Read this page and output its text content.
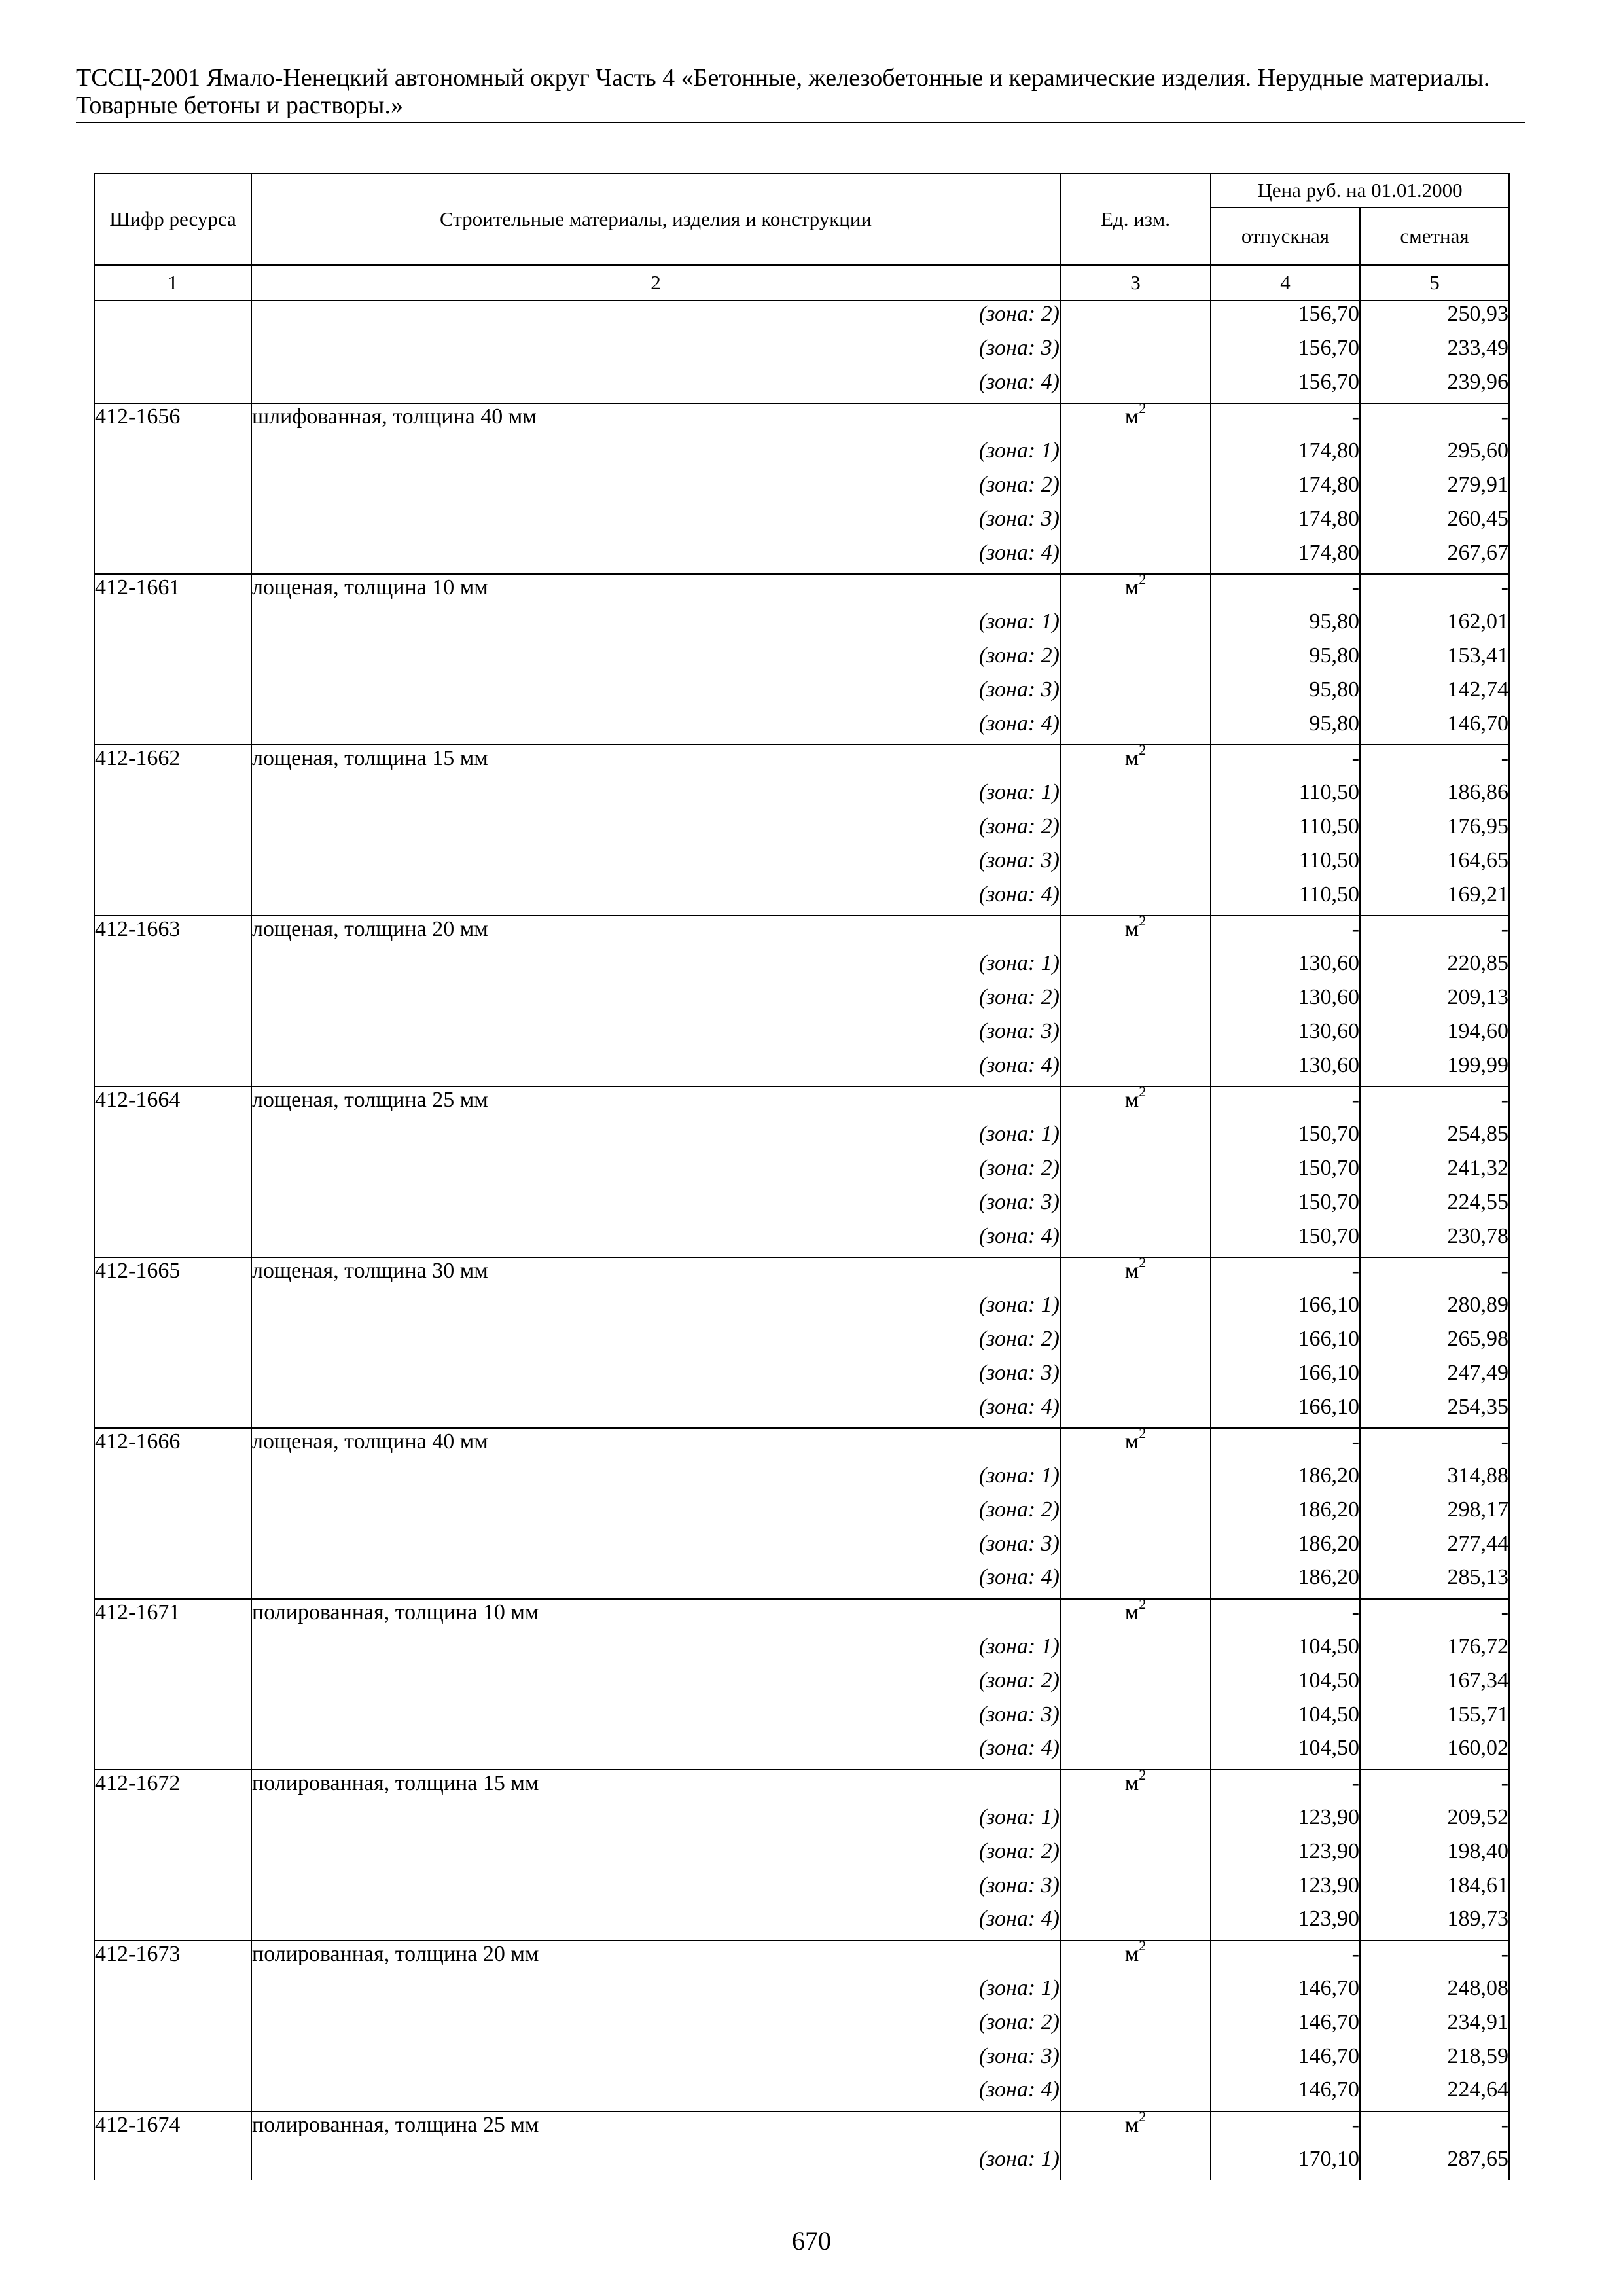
ТССЦ-2001 Ямало-Ненецкий автономный округ Часть 4 «Бетонные, железобетонные и керамические изделия. Нерудные материалы.
Товарные бетоны и растворы.»
Шифр ресурса	Строительные материалы, изделия и конструкции	Ед. изм.	Цена руб. на 01.01.2000	
			отпускная	сметная
1	2	3	4	5
	(зона: 2)		156,70	250,93
	(зона: 3)		156,70	233,49
	(зона: 4)		156,70	239,96
412-1656	шлифованная, толщина 40 мм	$м^2$	-	-
	(зона: 1)		174,80	295,60
	(зона: 2)		174,80	279,91
	(зона: 3)		174,80	260,45
	(зона: 4)		174,80	267,67
412-1661	лощеная, толщина 10 мм	$м^2$	-	-
	(зона: 1)		95,80	162,01
	(зона: 2)		95,80	153,41
	(зона: 3)		95,80	142,74
	(зона: 4)		95,80	146,70
412-1662	лощеная, толщина 15 мм	$м^2$	-	-
	(зона: 1)		110,50	186,86
	(зона: 2)		110,50	176,95
	(зона: 3)		110,50	164,65
	(зона: 4)		110,50	169,21
412-1663	лощеная, толщина 20 мм	$м^2$	-	-
	(зона: 1)		130,60	220,85
	(зона: 2)		130,60	209,13
	(зона: 3)		130,60	194,60
	(зона: 4)		130,60	199,99
412-1664	лощеная, толщина 25 мм	$м^2$	-	-
	(зона: 1)		150,70	254,85
	(зона: 2)		150,70	241,32
	(зона: 3)		150,70	224,55
	(зона: 4)		150,70	230,78
412-1665	лощеная, толщина 30 мм	$м^2$	-	-
	(зона: 1)		166,10	280,89
	(зона: 2)		166,10	265,98
	(зона: 3)		166,10	247,49
	(зона: 4)		166,10	254,35
412-1666	лощеная, толщина 40 мм	$м^2$	-	-
	(зона: 1)		186,20	314,88
	(зона: 2)		186,20	298,17
	(зона: 3)		186,20	277,44
	(зона: 4)		186,20	285,13
412-1671	полированная, толщина 10 мм	$м^2$	-	-
	(зона: 1)		104,50	176,72
	(зона: 2)		104,50	167,34
	(зона: 3)		104,50	155,71
	(зона: 4)		104,50	160,02
412-1672	полированная, толщина 15 мм	$м^2$	-	-
	(зона: 1)		123,90	209,52
	(зона: 2)		123,90	198,40
	(зона: 3)		123,90	184,61
	(зона: 4)		123,90	189,73
412-1673	полированная, толщина 20 мм	$м^2$	-	-
	(зона: 1)		146,70	248,08
	(зона: 2)		146,70	234,91
	(зона: 3)		146,70	218,59
	(зона: 4)		146,70	224,64
412-1674	полированная, толщина 25 мм	$м^2$	-	-
	(зона: 1)		170,10	287,65
670
